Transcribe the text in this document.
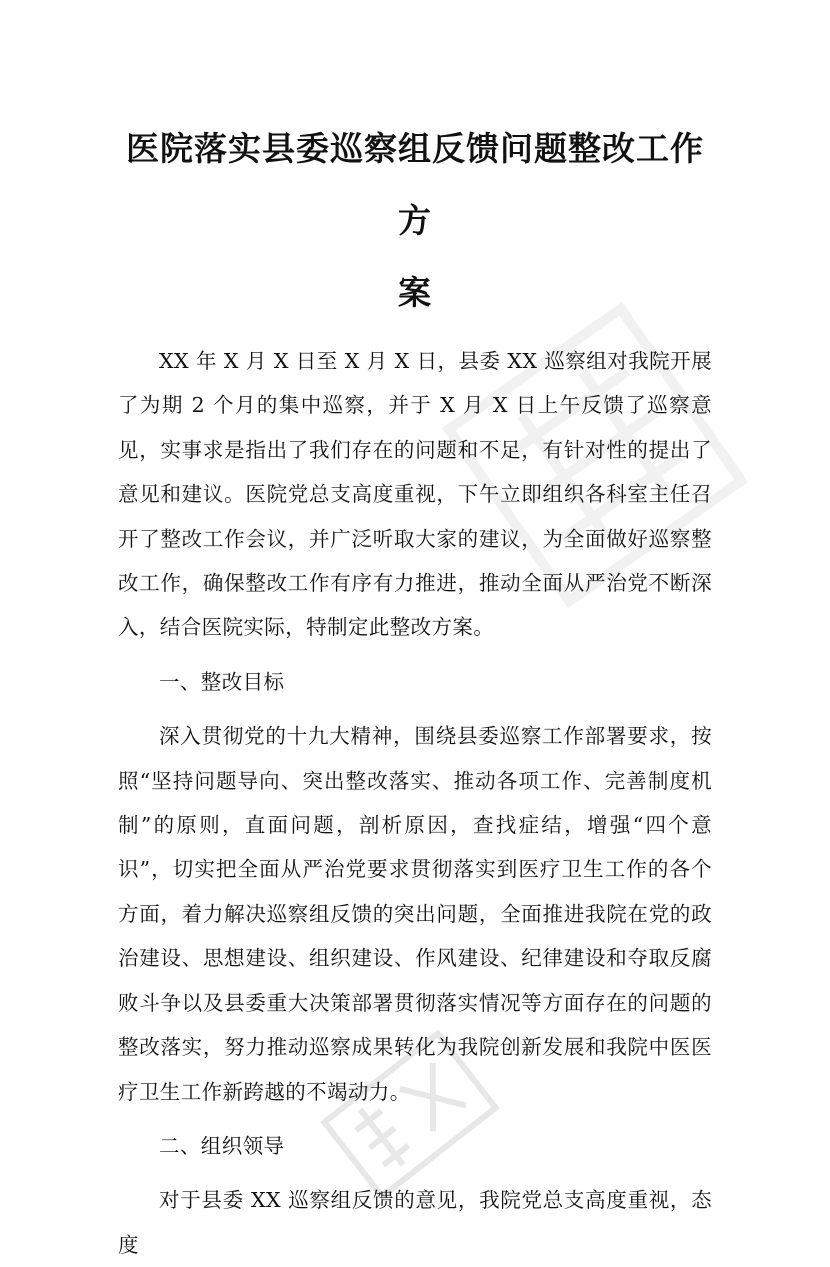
医院落实县委巡察组反馈问题整改工作方
案

XX 年 X 月 X 日至 X 月 X 日，县委 XX 巡察组对我院开展了为期 2 个月的集中巡察，并于 X 月 X 日上午反馈了巡察意见，实事求是指出了我们存在的问题和不足，有针对性的提出了意见和建议。医院党总支高度重视，下午立即组织各科室主任召开了整改工作会议，并广泛听取大家的建议，为全面做好巡察整改工作，确保整改工作有序有力推进，推动全面从严治党不断深入，结合医院实际，特制定此整改方案。

一、整改目标

深入贯彻党的十九大精神，围绕县委巡察工作部署要求，按照“坚持问题导向、突出整改落实、推动各项工作、完善制度机制”的原则，直面问题，剖析原因，查找症结，增强“四个意识”，切实把全面从严治党要求贯彻落实到医疗卫生工作的各个方面，着力解决巡察组反馈的突出问题，全面推进我院在党的政治建设、思想建设、组织建设、作风建设、纪律建设和夺取反腐败斗争以及县委重大决策部署贯彻落实情况等方面存在的问题的整改落实，努力推动巡察成果转化为我院创新发展和我院中医医疗卫生工作新跨越的不竭动力。

二、组织领导

对于县委 XX 巡察组反馈的意见，我院党总支高度重视，态度
